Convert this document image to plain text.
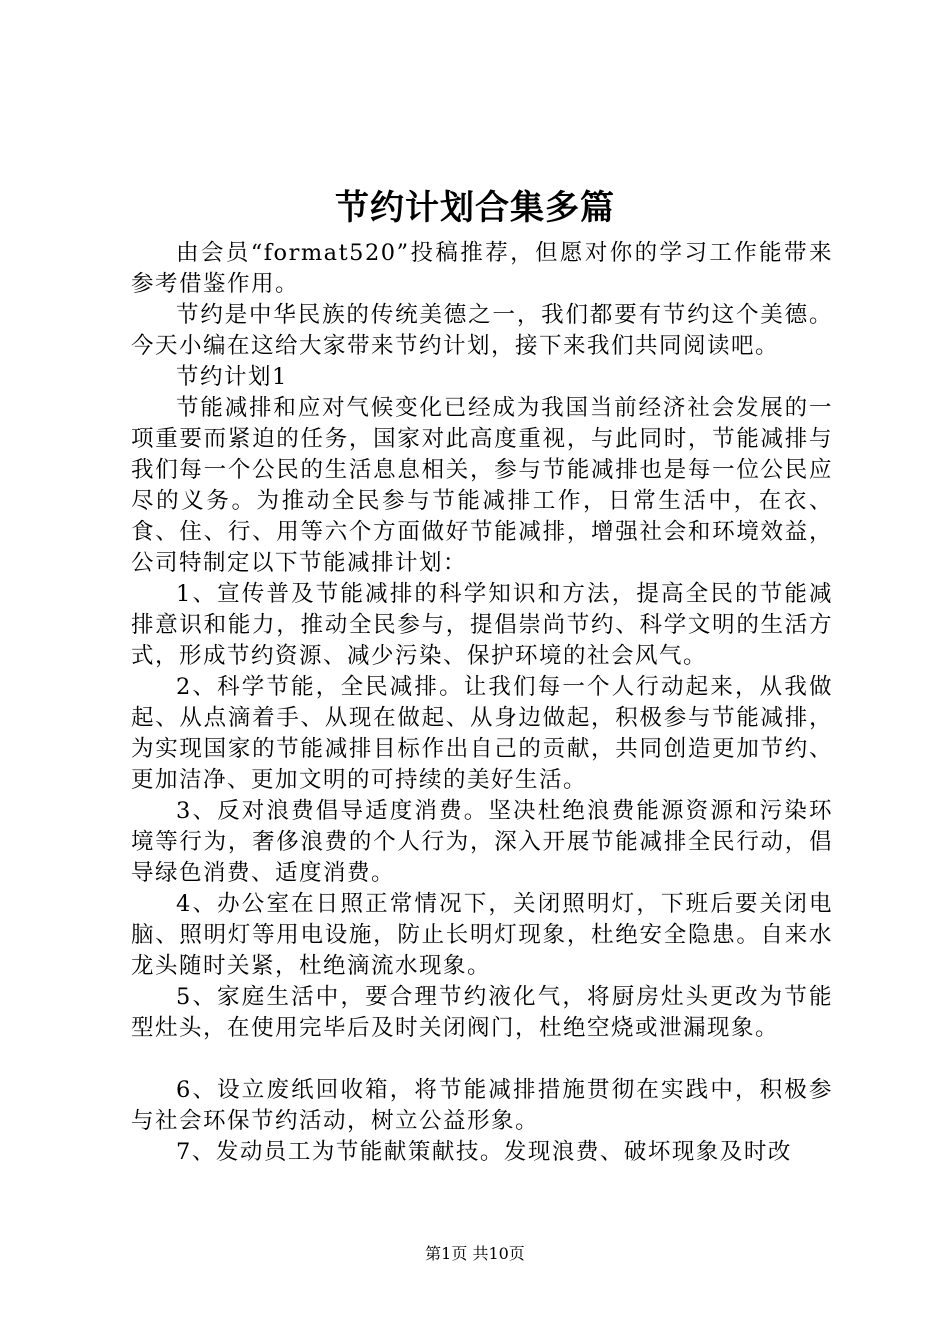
节约计划合集多篇

由会员“format520”投稿推荐，但愿对你的学习工作能带来参考借鉴作用。

节约是中华民族的传统美德之一，我们都要有节约这个美德。今天小编在这给大家带来节约计划，接下来我们共同阅读吧。

节约计划1

节能减排和应对气候变化已经成为我国当前经济社会发展的一项重要而紧迫的任务，国家对此高度重视，与此同时，节能减排与我们每一个公民的生活息息相关，参与节能减排也是每一位公民应尽的义务。为推动全民参与节能减排工作，日常生活中，在衣、食、住、行、用等六个方面做好节能减排，增强社会和环境效益，公司特制定以下节能减排计划：

1、宣传普及节能减排的科学知识和方法，提高全民的节能减排意识和能力，推动全民参与，提倡崇尚节约、科学文明的生活方式，形成节约资源、减少污染、保护环境的社会风气。

2、科学节能，全民减排。让我们每一个人行动起来，从我做起、从点滴着手、从现在做起、从身边做起，积极参与节能减排，为实现国家的节能减排目标作出自己的贡献，共同创造更加节约、更加洁净、更加文明的可持续的美好生活。

3、反对浪费倡导适度消费。坚决杜绝浪费能源资源和污染环境等行为，奢侈浪费的个人行为，深入开展节能减排全民行动，倡导绿色消费、适度消费。

4、办公室在日照正常情况下，关闭照明灯，下班后要关闭电脑、照明灯等用电设施，防止长明灯现象，杜绝安全隐患。自来水龙头随时关紧，杜绝滴流水现象。

5、家庭生活中，要合理节约液化气，将厨房灶头更改为节能型灶头，在使用完毕后及时关闭阀门，杜绝空烧或泄漏现象。

6、设立废纸回收箱，将节能减排措施贯彻在实践中，积极参与社会环保节约活动，树立公益形象。

7、发动员工为节能献策献技。发现浪费、破坏现象及时改

第1页 共10页
